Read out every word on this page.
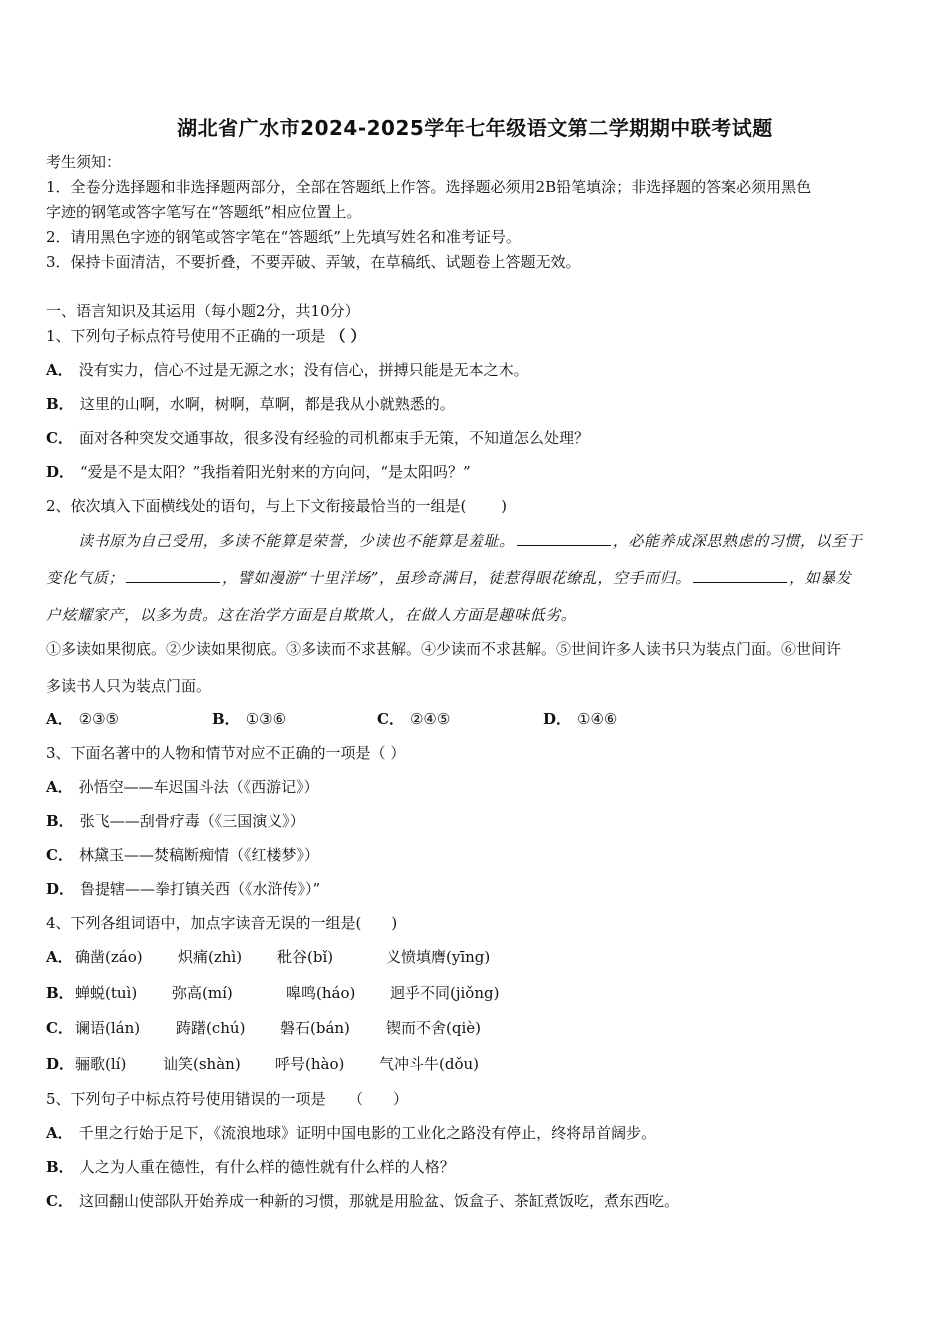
湖北省广水市2024-2025学年七年级语文第二学期期中联考试题
考生须知：
1．全卷分选择题和非选择题两部分，全部在答题纸上作答。选择题必须用2B铅笔填涂；非选择题的答案必须用黑色
字迹的钢笔或答字笔写在“答题纸”相应位置上。
2．请用黑色字迹的钢笔或答字笔在“答题纸”上先填写姓名和准考证号。
3．保持卡面清洁，不要折叠，不要弄破、弄皱，在草稿纸、试题卷上答题无效。
一、语言知识及其运用（每小题2分，共10分）
1、下列句子标点符号使用不正确的一项是 （ ）
A． 没有实力，信心不过是无源之水；没有信心，拼搏只能是无本之木。
B． 这里的山啊，水啊，树啊，草啊，都是我从小就熟悉的。
C． 面对各种突发交通事故，很多没有经验的司机都束手无策，不知道怎么处理？
D． “爱是不是太阳？”我指着阳光射来的方向问，“是太阳吗？”
2、依次填入下面横线处的语句，与上下文衔接最恰当的一组是(　　 )
读书原为自己受用，多读不能算是荣誉，少读也不能算是羞耻。	，必能养成深思熟虑的习惯，以至于
变化气质；	，譬如漫游“十里洋场”，虽珍奇满目，徒惹得眼花缭乱，空手而归。	，如暴发
户炫耀家产，以多为贵。这在治学方面是自欺欺人，在做人方面是趣味低劣。
①多读如果彻底。②少读如果彻底。③多读而不求甚解。④少读而不求甚解。⑤世间许多人读书只为装点门面。⑥世间许
多读书人只为装点门面。
A． ②③⑤	B． ①③⑥	C． ②④⑤	D． ①④⑥
3、下面名著中的人物和情节对应不正确的一项是（ ）
A． 孙悟空——车迟国斗法（《西游记》）
B． 张飞——刮骨疗毒（《三国演义》）
C． 林黛玉——焚稿断痴情（《红楼梦》）
D． 鲁提辖——拳打镇关西（《水浒传》）”
4、下列各组词语中，加点字读音无误的一组是(　　)
A． 确凿(záo) 炽痛(zhì) 秕谷(bǐ)	义愤填膺(yīng)
B． 蝉蜕(tuì) 弥高(mí)	嗥鸣(háo) 迥乎不同(jiǒng)
C． 谰语(lán) 踌躇(chú) 磐石(bán) 锲而不舍(qiè)
D． 骊歌(lí) 讪笑(shàn) 呼号(hào) 气冲斗牛(dǒu)
5、下列句子中标点符号使用错误的一项是　　（　　）
A． 千里之行始于足下，《流浪地球》证明中国电影的工业化之路没有停止，终将昂首阔步。
B． 人之为人重在德性，有什么样的德性就有什么样的人格？
C． 这回翻山使部队开始养成一种新的习惯，那就是用脸盆、饭盒子、茶缸煮饭吃，煮东西吃。
